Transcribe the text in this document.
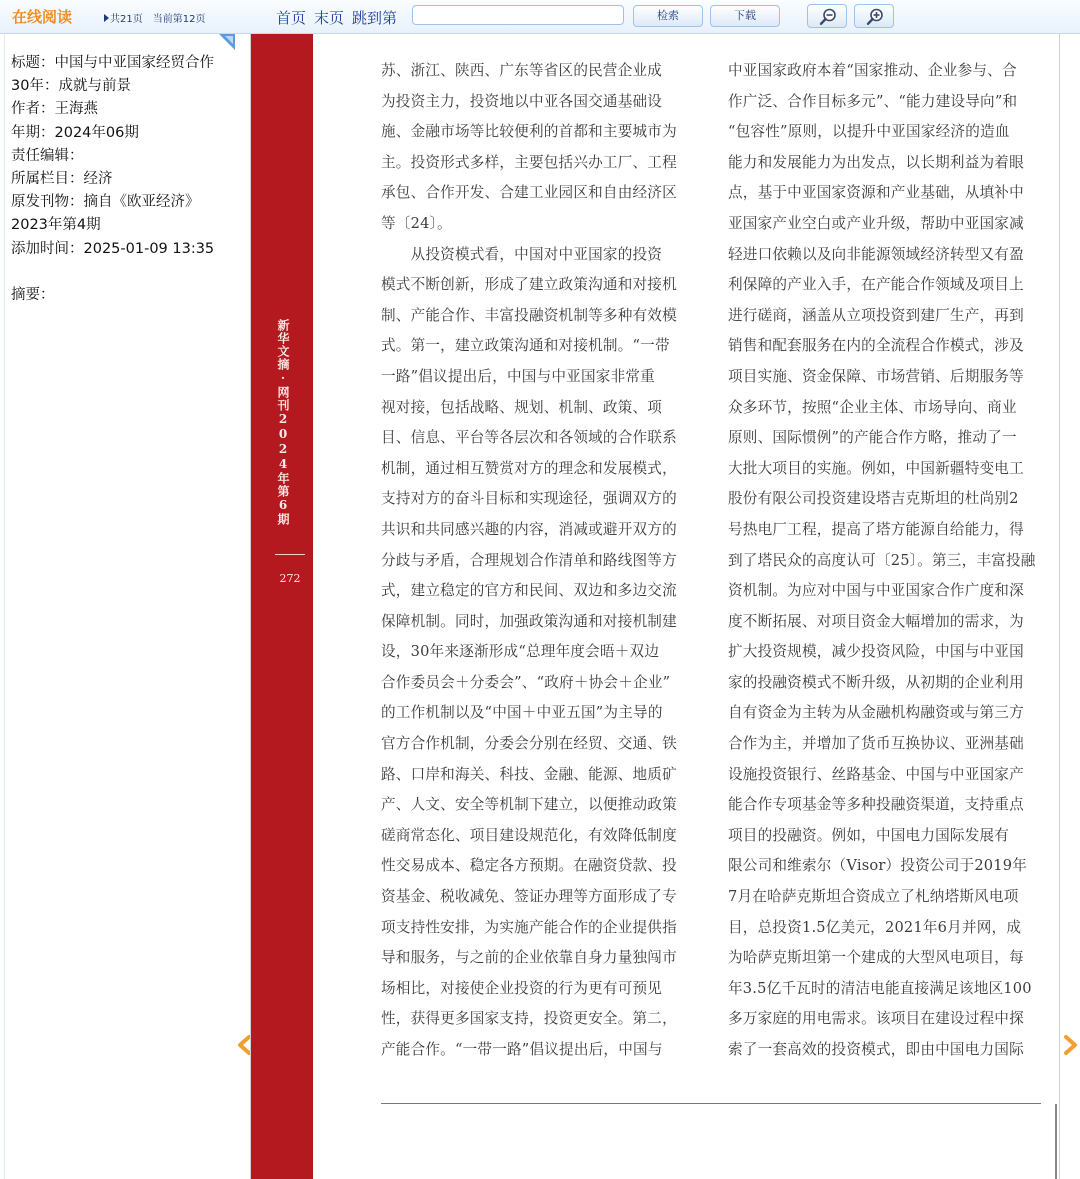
在线阅读	共21页 当前第12页	首页 末页 跳到第	检索	下载
标题：中国与中亚国家经贸合作
30年：成就与前景
作者：王海燕
年期：2024年06期
责任编辑：
所属栏目：经济
原发刊物：摘自《欧亚经济》
2023年第4期
添加时间：2025-01-09 13:35
摘要：
新华文摘·网刊2024年第6期
272

苏、浙江、陕西、广东等省区的民营企业成

为投资主力，投资地以中亚各国交通基础设

施、金融市场等比较便利的首都和主要城市为

主。投资形式多样，主要包括兴办工厂、工程

承包、合作开发、合建工业园区和自由经济区

等〔24〕。

　　从投资模式看，中国对中亚国家的投资

模式不断创新，形成了建立政策沟通和对接机

制、产能合作、丰富投融资机制等多种有效模

式。第一，建立政策沟通和对接机制。“一带

一路”倡议提出后，中国与中亚国家非常重

视对接，包括战略、规划、机制、政策、项

目、信息、平台等各层次和各领域的合作联系

机制，通过相互赞赏对方的理念和发展模式，

支持对方的奋斗目标和实现途径，强调双方的

共识和共同感兴趣的内容，消减或避开双方的

分歧与矛盾，合理规划合作清单和路线图等方

式，建立稳定的官方和民间、双边和多边交流

保障机制。同时，加强政策沟通和对接机制建

设，30年来逐渐形成“总理年度会晤＋双边

合作委员会＋分委会”、“政府＋协会＋企业”

的工作机制以及“中国＋中亚五国”为主导的

官方合作机制，分委会分别在经贸、交通、铁

路、口岸和海关、科技、金融、能源、地质矿

产、人文、安全等机制下建立，以便推动政策

磋商常态化、项目建设规范化，有效降低制度

性交易成本、稳定各方预期。在融资贷款、投

资基金、税收减免、签证办理等方面形成了专

项支持性安排，为实施产能合作的企业提供指

导和服务，与之前的企业依靠自身力量独闯市

场相比，对接使企业投资的行为更有可预见

性，获得更多国家支持，投资更安全。第二，

产能合作。“一带一路”倡议提出后，中国与

中亚国家政府本着“国家推动、企业参与、合

作广泛、合作目标多元”、“能力建设导向”和

“包容性”原则，以提升中亚国家经济的造血

能力和发展能力为出发点，以长期利益为着眼

点，基于中亚国家资源和产业基础，从填补中

亚国家产业空白或产业升级，帮助中亚国家减

轻进口依赖以及向非能源领域经济转型又有盈

利保障的产业入手，在产能合作领域及项目上

进行磋商，涵盖从立项投资到建厂生产，再到

销售和配套服务在内的全流程合作模式，涉及

项目实施、资金保障、市场营销、后期服务等

众多环节，按照“企业主体、市场导向、商业

原则、国际惯例”的产能合作方略，推动了一

大批大项目的实施。例如，中国新疆特变电工

股份有限公司投资建设塔吉克斯坦的杜尚别2

号热电厂工程，提高了塔方能源自给能力，得

到了塔民众的高度认可〔25〕。第三，丰富投融

资机制。为应对中国与中亚国家合作广度和深

度不断拓展、对项目资金大幅增加的需求，为

扩大投资规模，减少投资风险，中国与中亚国

家的投融资模式不断升级，从初期的企业利用

自有资金为主转为从金融机构融资或与第三方

合作为主，并增加了货币互换协议、亚洲基础

设施投资银行、丝路基金、中国与中亚国家产

能合作专项基金等多种投融资渠道，支持重点

项目的投融资。例如，中国电力国际发展有

限公司和维索尔（Visor）投资公司于2019年

7月在哈萨克斯坦合资成立了札纳塔斯风电项

目，总投资1.5亿美元，2021年6月并网，成

为哈萨克斯坦第一个建成的大型风电项目，每

年3.5亿千瓦时的清洁电能直接满足该地区100

多万家庭的用电需求。该项目在建设过程中探

索了一套高效的投资模式，即由中国电力国际
